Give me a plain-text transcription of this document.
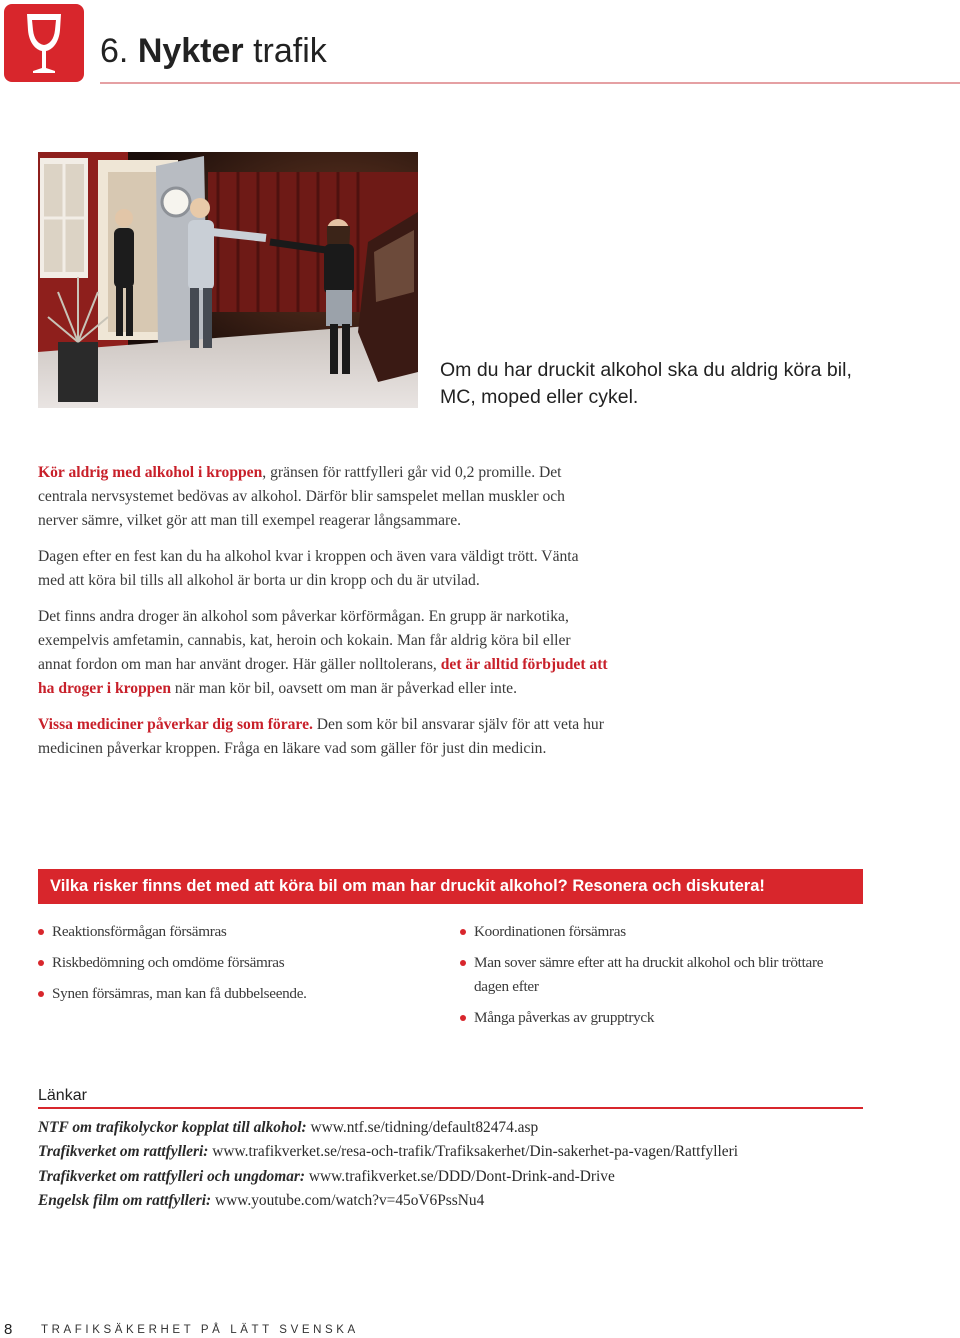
6. Nykter trafik
Om du har druckit alkohol ska du aldrig köra bil, MC, moped eller cykel.

Kör aldrig med alkohol i kroppen, gränsen för rattfylleri går vid 0,2 promille. Det centrala nervsystemet bedövas av alkohol. Därför blir samspelet mellan muskler och nerver sämre, vilket gör att man till exempel reagerar långsammare.

Dagen efter en fest kan du ha alkohol kvar i kroppen och även vara väldigt trött. Vänta med att köra bil tills all alkohol är borta ur din kropp och du är utvilad.

Det finns andra droger än alkohol som påverkar körförmågan. En grupp är narkotika, exempelvis amfetamin, cannabis, kat, heroin och kokain. Man får aldrig köra bil eller annat fordon om man har använt droger. Här gäller nolltolerans, det är alltid förbjudet att ha droger i kroppen när man kör bil, oavsett om man är påverkad eller inte.

Vissa mediciner påverkar dig som förare. Den som kör bil ansvarar själv för att veta hur medicinen påverkar kroppen. Fråga en läkare vad som gäller för just din medicin.

Vilka risker finns det med att köra bil om man har druckit alkohol? Resonera och diskutera!
Reaktionsförmågan försämras
Riskbedömning och omdöme försämras
Synen försämras, man kan få dubbelseende.
Koordinationen försämras
Man sover sämre efter att ha druckit alkohol och blir tröttare dagen efter
Många påverkas av grupptryck
Länkar
NTF om trafikolyckor kopplat till alkohol: www.ntf.se/tidning/default82474.asp
Trafikverket om rattfylleri: www.trafikverket.se/resa-och-trafik/Trafiksakerhet/Din-sakerhet-pa-vagen/Rattfylleri
Trafikverket om rattfylleri och ungdomar: www.trafikverket.se/DDD/Dont-Drink-and-Drive
Engelsk film om rattfylleri: www.youtube.com/watch?v=45oV6PssNu4
8 TRAFIKSÄKERHET PÅ LÄTT SVENSKA
